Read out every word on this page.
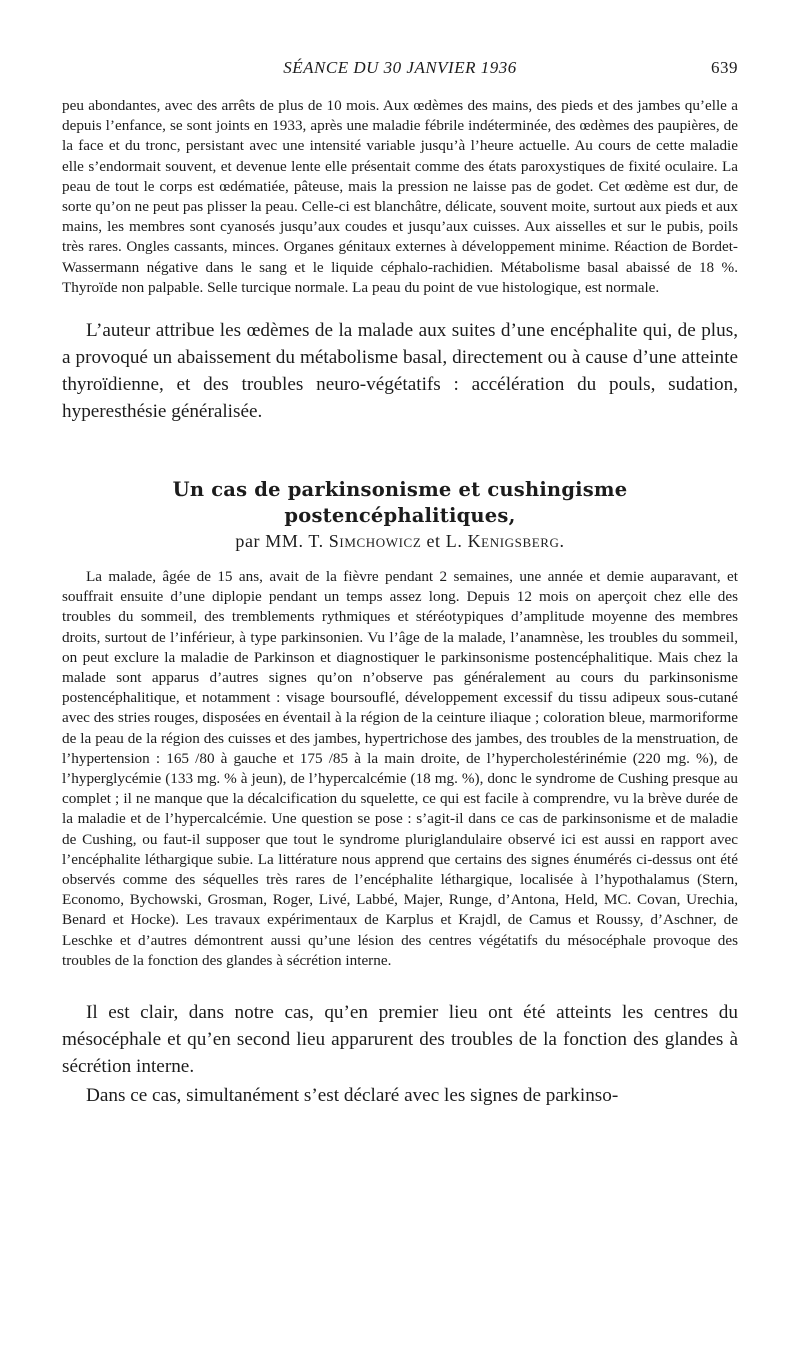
SÉANCE DU 30 JANVIER 1936	639

peu abondantes, avec des arrêts de plus de 10 mois. Aux œdèmes des mains, des pieds et des jambes qu’elle a depuis l’enfance, se sont joints en 1933, après une maladie fébrile indéterminée, des œdèmes des paupières, de la face et du tronc, persistant avec une intensité variable jusqu’à l’heure actuelle. Au cours de cette maladie elle s’endormait souvent, et devenue lente elle présentait comme des états paroxystiques de fixité oculaire. La peau de tout le corps est œdématiée, pâteuse, mais la pression ne laisse pas de godet. Cet œdème est dur, de sorte qu’on ne peut pas plisser la peau. Celle-ci est blanchâtre, délicate, souvent moite, surtout aux pieds et aux mains, les membres sont cyanosés jusqu’aux coudes et jusqu’aux cuisses. Aux aisselles et sur le pubis, poils très rares. Ongles cassants, minces. Organes génitaux externes à développement minime. Réaction de Bordet-Wassermann négative dans le sang et le liquide céphalo-rachidien. Métabolisme basal abaissé de 18 %. Thyroïde non palpable. Selle turcique normale. La peau du point de vue histologique, est normale.

L’auteur attribue les œdèmes de la malade aux suites d’une encéphalite qui, de plus, a provoqué un abaissement du métabolisme basal, directement ou à cause d’une atteinte thyroïdienne, et des troubles neuro-végétatifs : accélération du pouls, sudation, hyperesthésie généralisée.

Un cas de parkinsonisme et cushingisme postencéphalitiques,
par MM. T. Simchowicz et L. Kenigsberg.

La malade, âgée de 15 ans, avait de la fièvre pendant 2 semaines, une année et demie auparavant, et souffrait ensuite d’une diplopie pendant un temps assez long. Depuis 12 mois on aperçoit chez elle des troubles du sommeil, des tremblements rythmiques et stéréotypiques d’amplitude moyenne des membres droits, surtout de l’inférieur, à type parkinsonien. Vu l’âge de la malade, l’anamnèse, les troubles du sommeil, on peut exclure la maladie de Parkinson et diagnostiquer le parkinsonisme postencéphalitique. Mais chez la malade sont apparus d’autres signes qu’on n’observe pas généralement au cours du parkinsonisme postencéphalitique, et notamment : visage boursouflé, développement excessif du tissu adipeux sous-cutané avec des stries rouges, disposées en éventail à la région de la ceinture iliaque ; coloration bleue, marmoriforme de la peau de la région des cuisses et des jambes, hypertrichose des jambes, des troubles de la menstruation, de l’hypertension : 165 /80 à gauche et 175 /85 à la main droite, de l’hypercholestérinémie (220 mg. %), de l’hyperglycémie (133 mg. % à jeun), de l’hypercalcémie (18 mg. %), donc le syndrome de Cushing presque au complet ; il ne manque que la décalcification du squelette, ce qui est facile à comprendre, vu la brève durée de la maladie et de l’hypercalcémie. Une question se pose : s’agit-il dans ce cas de parkinsonisme et de maladie de Cushing, ou faut-il supposer que tout le syndrome pluriglandulaire observé ici est aussi en rapport avec l’encéphalite léthargique subie. La littérature nous apprend que certains des signes énumérés ci-dessus ont été observés comme des séquelles très rares de l’encéphalite léthargique, localisée à l’hypothalamus (Stern, Economo, Bychowski, Grosman, Roger, Livé, Labbé, Majer, Runge, d’Antona, Held, MC. Covan, Urechia, Benard et Hocke). Les travaux expérimentaux de Karplus et Krajdl, de Camus et Roussy, d’Aschner, de Leschke et d’autres démontrent aussi qu’une lésion des centres végétatifs du mésocéphale provoque des troubles de la fonction des glandes à sécrétion interne.

Il est clair, dans notre cas, qu’en premier lieu ont été atteints les centres du mésocéphale et qu’en second lieu apparurent des troubles de la fonction des glandes à sécrétion interne.

Dans ce cas, simultanément s’est déclaré avec les signes de parkinso-
